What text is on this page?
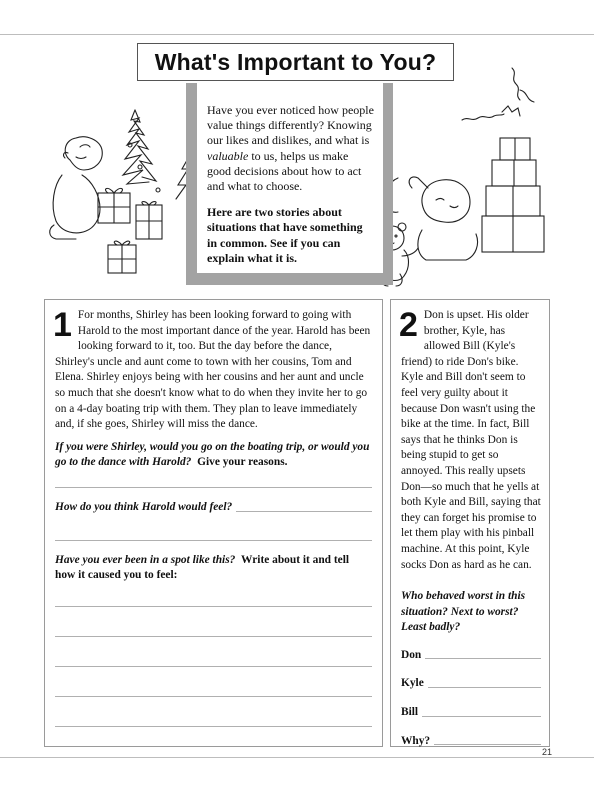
What's Important to You?

Have you ever noticed how people value things differently? Knowing our likes and dislikes, and what is valuable to us, helps us make good decisions about how to act and what to choose.

Here are two stories about situations that have something in common. See if you can explain what it is.

1 For months, Shirley has been looking forward to going with Harold to the most important dance of the year. Harold has been looking forward to it, too. But the day before the dance, Shirley's uncle and aunt come to town with her cousins, Tom and Elena. Shirley enjoys being with her cousins and her aunt and uncle so much that she doesn't know what to do when they invite her to go on a 4-day boating trip with them. They plan to leave immediately and, if she goes, Shirley will miss the dance.

If you were Shirley, would you go on the boating trip, or would you go to the dance with Harold? Give your reasons.

How do you think Harold would feel?

Have you ever been in a spot like this? Write about it and tell how it caused you to feel:

2 Don is upset. His older brother, Kyle, has allowed Bill (Kyle's friend) to ride Don's bike. Kyle and Bill don't seem to feel very guilty about it because Don wasn't using the bike at the time. In fact, Bill says that he thinks Don is being stupid to get so annoyed. This really upsets Don—so much that he yells at both Kyle and Bill, saying that they can forget his promise to let them play with his pinball machine. At this point, Kyle socks Don as hard as he can.

Who behaved worst in this situation? Next to worst? Least badly?

Don
Kyle
Bill
Why?
21
